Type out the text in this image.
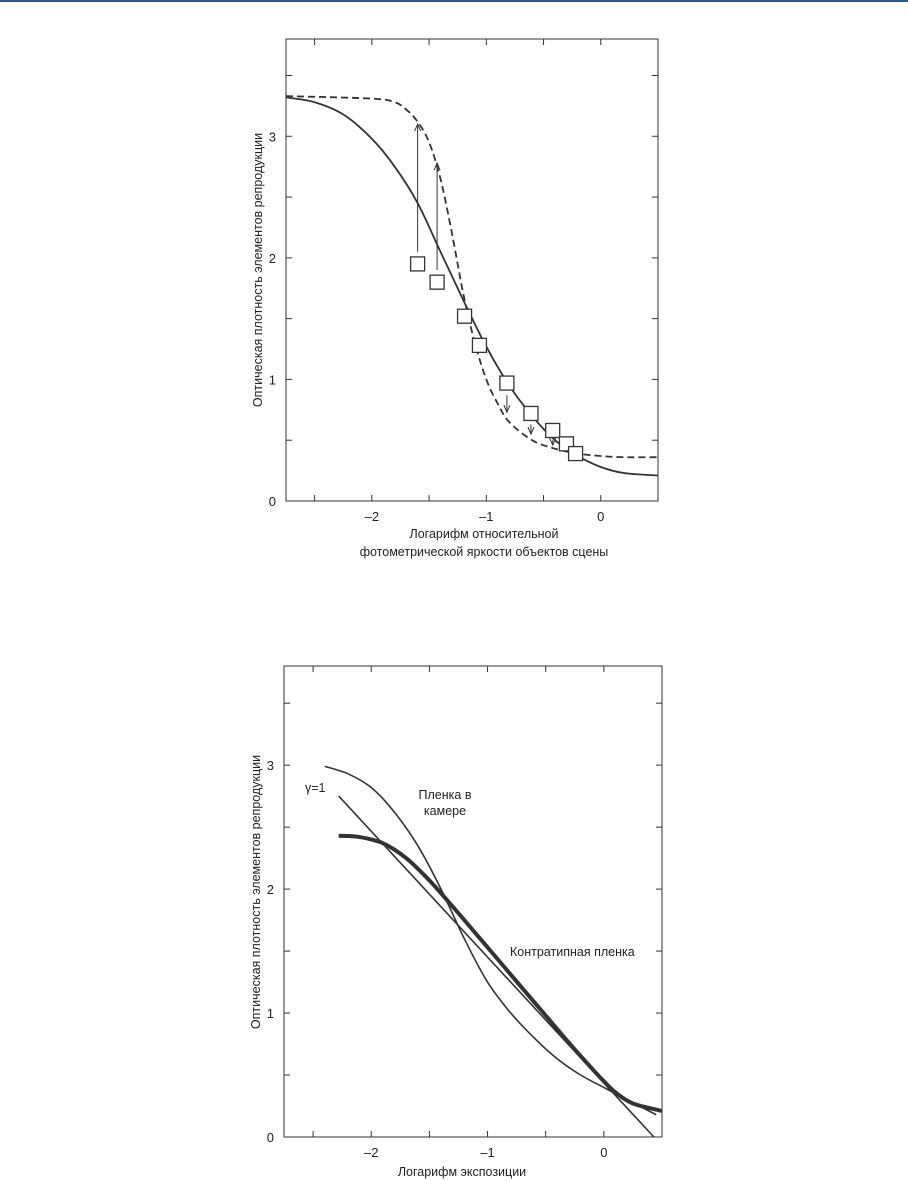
–2	–1	0
0
1
2
3
Оптическая плотность элементов репродукции
Логарифм относительной
фотометрической яркости объектов сцены
–2	–1	0
0
1
2
3
Оптическая плотность элементов репродукции
Логарифм экспозиции
Пленка в
камере
γ=1
Контратипная пленка
